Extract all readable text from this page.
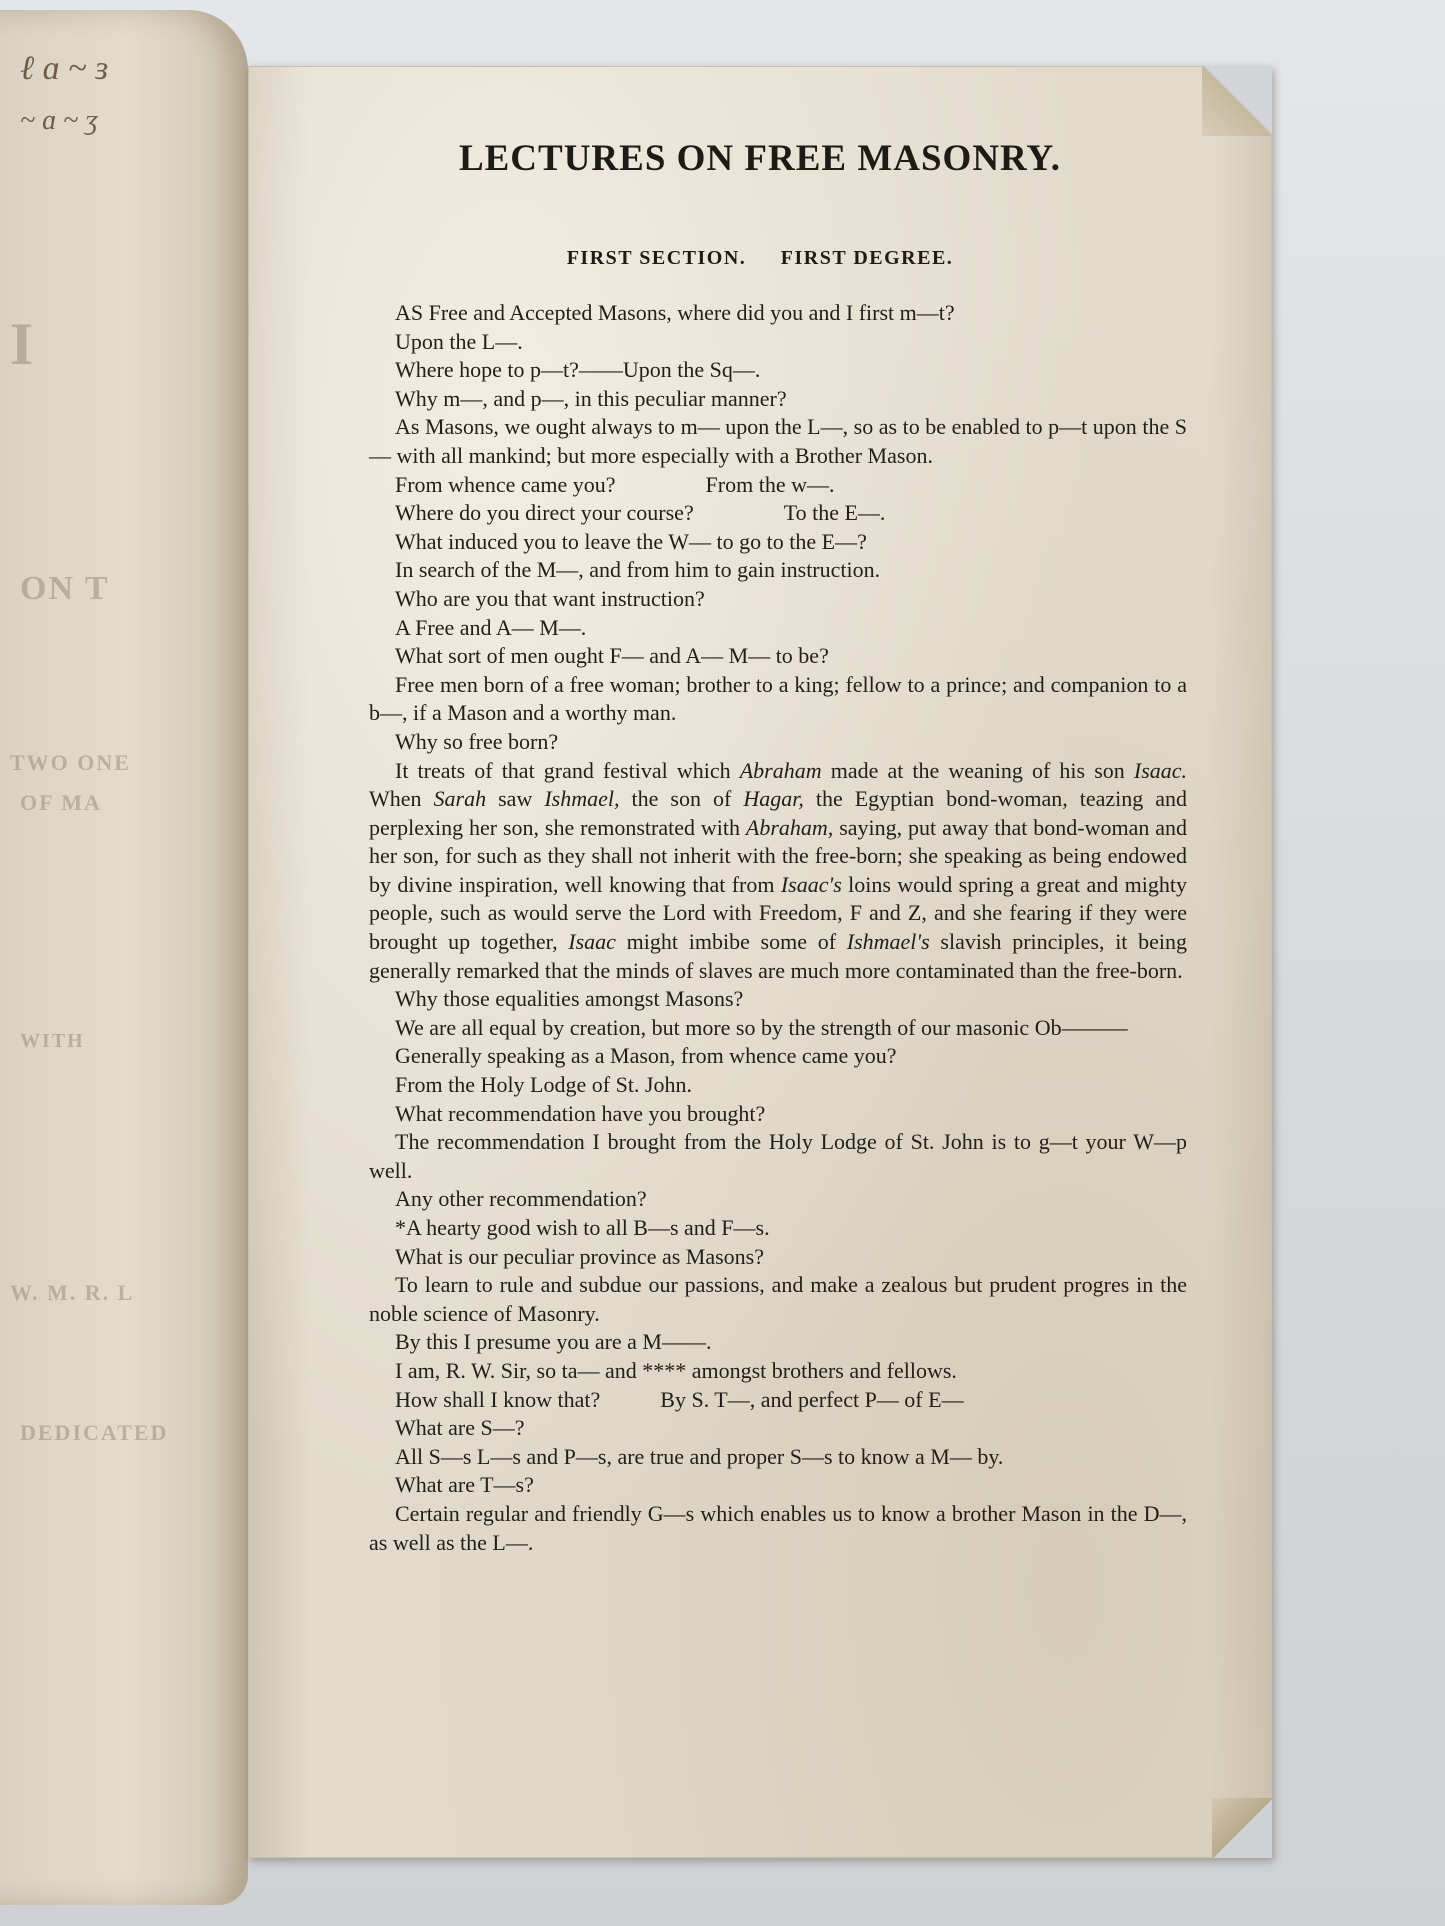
ℓ ɑ ~ ɜ
~ ɑ ~ ʒ
I
ON T
TWO ONE
OF MA
WITH
W. M. R. L
DEDICATED
LECTURES ON FREE MASONRY.
FIRST SECTION. FIRST DEGREE.

AS Free and Accepted Masons, where did you and I first m—t?

Upon the L—.

Where hope to p—t?——Upon the Sq—.

Why m—, and p—, in this peculiar manner?

As Masons, we ought always to m— upon the L—, so as to be enabled to p—t upon the S— with all mankind; but more especially with a Brother Mason.

From whence came you?	From the w—.

Where do you direct your course?	To the E—.

What induced you to leave the W— to go to the E—?

In search of the M—, and from him to gain instruction.

Who are you that want instruction?

A Free and A— M—.

What sort of men ought F— and A— M— to be?

Free men born of a free woman; brother to a king; fellow to a prince; and companion to a b—, if a Mason and a worthy man.

Why so free born?

It treats of that grand festival which Abraham made at the weaning of his son Isaac. When Sarah saw Ishmael, the son of Hagar, the Egyptian bond-woman, teazing and perplexing her son, she remonstrated with Abraham, saying, put away that bond-woman and her son, for such as they shall not inherit with the free-born; she speaking as being endowed by divine inspiration, well knowing that from Isaac's loins would spring a great and mighty people, such as would serve the Lord with Freedom, F and Z, and she fearing if they were brought up together, Isaac might imbibe some of Ishmael's slavish principles, it being generally remarked that the minds of slaves are much more contaminated than the free-born.

Why those equalities amongst Masons?

We are all equal by creation, but more so by the strength of our masonic Ob———

Generally speaking as a Mason, from whence came you?

From the Holy Lodge of St. John.

What recommendation have you brought?

The recommendation I brought from the Holy Lodge of St. John is to g—t your W—p well.

Any other recommendation?

*A hearty good wish to all B—s and F—s.

What is our peculiar province as Masons?

To learn to rule and subdue our passions, and make a zealous but prudent progres in the noble science of Masonry.

By this I presume you are a M——.

I am, R. W. Sir, so ta— and **** amongst brothers and fellows.

How shall I know that?	By S. T—, and perfect P— of E—

What are S—?

All S—s L—s and P—s, are true and proper S—s to know a M— by.

What are T—s?

Certain regular and friendly G—s which enables us to know a brother Mason in the D—, as well as the L—.
